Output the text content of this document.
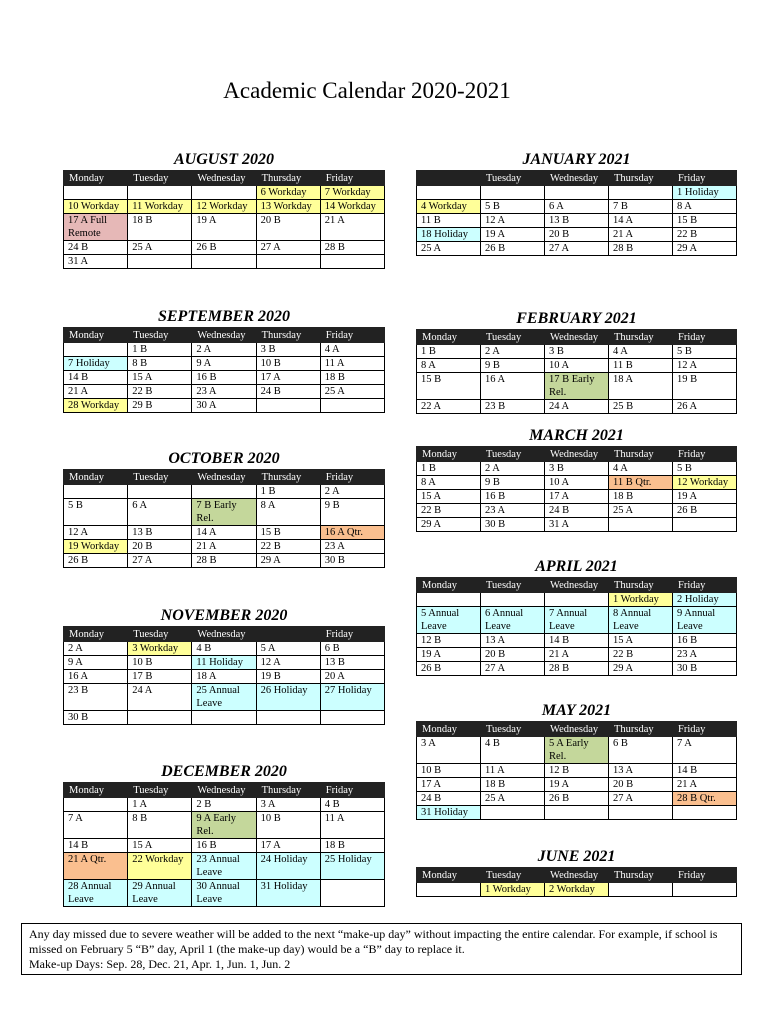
Academic Calendar 2020-2021
AUGUST 2020
Monday	Tuesday	Wednesday	Thursday	Friday
			6 Workday	7 Workday
10 Workday	11 Workday	12 Workday	13 Workday	14 Workday
17 A Full Remote	18 B	19 A	20 B	21 A
24 B	25 A	26 B	27 A	28 B
31 A				
SEPTEMBER 2020
Monday	Tuesday	Wednesday	Thursday	Friday
	1 B	2 A	3 B	4 A
7 Holiday	8 B	9 A	10 B	11 A
14 B	15 A	16 B	17 A	18 B
21 A	22 B	23 A	24 B	25 A
28 Workday	29 B	30 A		
OCTOBER 2020
Monday	Tuesday	Wednesday	Thursday	Friday
			1 B	2 A
5 B	6 A	7 B Early Rel.	8 A	9 B
12 A	13 B	14 A	15 B	16 A Qtr.
19 Workday	20 B	21 A	22 B	23 A
26 B	27 A	28 B	29 A	30 B
NOVEMBER 2020
Monday	Tuesday	Wednesday		Friday
2 A	3 Workday	4 B	5 A	6 B
9 A	10 B	11 Holiday	12 A	13 B
16 A	17 B	18 A	19 B	20 A
23 B	24 A	25 Annual Leave	26 Holiday	27 Holiday
30 B				
DECEMBER 2020
Monday	Tuesday	Wednesday	Thursday	Friday
	1 A	2 B	3 A	4 B
7 A	8 B	9 A Early Rel.	10 B	11 A
14 B	15 A	16 B	17 A	18 B
21 A Qtr.	22 Workday	23 Annual Leave	24 Holiday	25 Holiday
28 Annual Leave	29 Annual Leave	30 Annual Leave	31 Holiday	
JANUARY 2021
	Tuesday	Wednesday	Thursday	Friday
				1 Holiday
4 Workday	5 B	6 A	7 B	8 A
11 B	12 A	13 B	14 A	15 B
18 Holiday	19 A	20 B	21 A	22 B
25 A	26 B	27 A	28 B	29 A
FEBRUARY 2021
Monday	Tuesday	Wednesday	Thursday	Friday
1 B	2 A	3 B	4 A	5 B
8 A	9 B	10 A	11 B	12 A
15 B	16 A	17 B Early Rel.	18 A	19 B
22 A	23 B	24 A	25 B	26 A
MARCH 2021
Monday	Tuesday	Wednesday	Thursday	Friday
1 B	2 A	3 B	4 A	5 B
8 A	9 B	10 A	11 B Qtr.	12 Workday
15 A	16 B	17 A	18 B	19 A
22 B	23 A	24 B	25 A	26 B
29 A	30 B	31 A		
APRIL 2021
Monday	Tuesday	Wednesday	Thursday	Friday
			1 Workday	2 Holiday
5 Annual Leave	6 Annual Leave	7 Annual Leave	8 Annual Leave	9 Annual Leave
12 B	13 A	14 B	15 A	16 B
19 A	20 B	21 A	22 B	23 A
26 B	27 A	28 B	29 A	30 B
MAY 2021
Monday	Tuesday	Wednesday	Thursday	Friday
3 A	4 B	5 A Early Rel.	6 B	7 A
10 B	11 A	12 B	13 A	14 B
17 A	18 B	19 A	20 B	21 A
24 B	25 A	26 B	27 A	28 B Qtr.
31 Holiday				
JUNE 2021
Monday	Tuesday	Wednesday	Thursday	Friday
	1 Workday	2 Workday		
Any day missed due to severe weather will be added to the next “make-up day” without impacting the entire calendar. For example, if school is missed on February 5 “B” day, April 1 (the make-up day) would be a “B” day to replace it.
Make-up Days: Sep. 28, Dec. 21, Apr. 1, Jun. 1, Jun. 2
